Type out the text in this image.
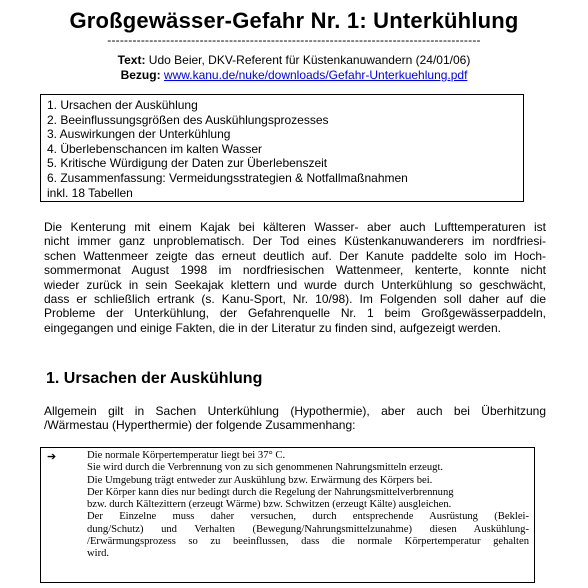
Großgewässer-Gefahr Nr. 1: Unterkühlung
-----------------------------------------------------------------------------------------
Text: Udo Beier, DKV-Referent für Küstenkanuwandern (24/01/06)
Bezug: www.kanu.de/nuke/downloads/Gefahr-Unterkuehlung.pdf
1. Ursachen der Auskühlung
2. Beeinflussungsgrößen des Auskühlungsprozesses
3. Auswirkungen der Unterkühlung
4. Überlebenschancen im kalten Wasser
5. Kritische Würdigung der Daten zur Überlebenszeit
6. Zusammenfassung: Vermeidungsstrategien & Notfallmaßnahmen
inkl. 18 Tabellen
Die Kenterung mit einem Kajak bei kälteren Wasser- aber auch Lufttemperaturen ist
nicht immer ganz unproblematisch. Der Tod eines Küstenkanuwanderers im nordfriesi-
schen Wattenmeer zeigte das erneut deutlich auf. Der Kanute paddelte solo im Hoch-
sommermonat August 1998 im nordfriesischen Wattenmeer, kenterte, konnte nicht
wieder zurück in sein Seekajak klettern und wurde durch Unterkühlung so geschwächt,
dass er schließlich ertrank (s. Kanu-Sport, Nr. 10/98). Im Folgenden soll daher auf die
Probleme der Unterkühlung, der Gefahrenquelle Nr. 1 beim Großgewässerpaddeln,
eingegangen und einige Fakten, die in der Literatur zu finden sind, aufgezeigt werden.
1. Ursachen der Auskühlung
Allgemein gilt in Sachen Unterkühlung (Hypothermie), aber auch bei Überhitzung
/Wärmestau (Hyperthermie) der folgende Zusammenhang:
➔	Die normale Körpertemperatur liegt bei 37° C.
Sie wird durch die Verbrennung von zu sich genommenen Nahrungsmitteln erzeugt.
Die Umgebung trägt entweder zur Auskühlung bzw. Erwärmung des Körpers bei.
Der Körper kann dies nur bedingt durch die Regelung der Nahrungsmittelverbrennung
bzw. durch Kältezittern (erzeugt Wärme) bzw. Schwitzen (erzeugt Kälte) ausgleichen.
Der Einzelne muss daher versuchen, durch entsprechende Ausrüstung (Beklei-
dung/Schutz) und Verhalten (Bewegung/Nahrungsmittelzunahme) diesen Auskühlung-
/Erwärmungsprozess so zu beeinflussen, dass die normale Körpertemperatur gehalten
wird.
